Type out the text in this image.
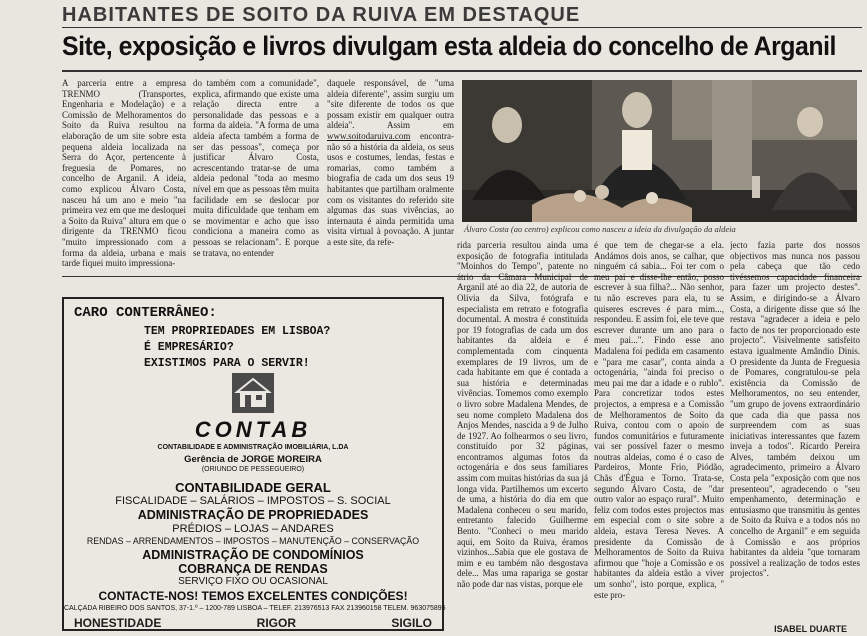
HABITANTES DE SOITO DA RUIVA EM DESTAQUE
Site, exposição e livros divulgam esta aldeia do concelho de Arganil

A parceria entre a empresa TRENMO (Transportes, Engenharia e Modelação) e a Comissão de Melhoramentos do Soito da Ruiva resultou na elaboração de um site sobre esta pequena aldeia localizada na Serra do Açor, pertencente à freguesia de Pomares, no concelho de Arganil. A ideia, como explicou Álvaro Costa, nasceu há um ano e meio "na primeira vez em que me desloquei a Soito da Ruiva" altura em que o dirigente da TRENMO ficou "muito impressionado com a forma da aldeia, urbana e mais tarde fiquei muito impressiona-

do também com a comunidade", explica, afirmando que existe uma relação directa entre a personalidade das pessoas e a forma da aldeia. "A forma de uma aldeia afecta também a forma de ser das pessoas", começa por justificar Álvaro Costa, acrescentando tratar-se de uma aldeia pedonal "toda ao mesmo nível em que as pessoas têm muita facilidade em se deslocar por muita dificuldade que tenham em se movimentar e acho que isso condiciona a maneira como as pessoas se relacionam". E porque se tratava, no entender

daquele responsável, de "uma aldeia diferente", assim surgiu um "site diferente de todos os que possam existir em qualquer outra aldeia". Assim em www.soitodaruiva.com encontra-não só a história da aldeia, os seus usos e costumes, lendas, festas e romarias, como também a biografia de cada um dos seus 19 habitantes que partilham oralmente com os visitantes do referido site algumas das suas vivências, ao internauta é ainda permitida uma visita virtual à povoação. A juntar a este site, da refe-

Álvaro Costa (ao centro) explicou como nasceu a ideia da divulgação da aldeia
CARO CONTERRÂNEO:
TEM PROPRIEDADES EM LISBOA?
É EMPRESÁRIO?
EXISTIMOS PARA O SERVIR!
CONTAB
CONTABILIDADE E ADMINISTRAÇÃO IMOBILIÁRIA, L.DA
Gerência de JORGE MOREIRA
(ORIUNDO DE PESSEGUEIRO)
CONTABILIDADE GERAL
FISCALIDADE – SALÁRIOS – IMPOSTOS – S. SOCIAL
ADMINISTRAÇÃO DE PROPRIEDADES
PRÉDIOS – LOJAS – ANDARES
RENDAS – ARRENDAMENTOS – IMPOSTOS – MANUTENÇÃO – CONSERVAÇÃO
ADMINISTRAÇÃO DE CONDOMÍNIOS
COBRANÇA DE RENDAS
SERVIÇO FIXO OU OCASIONAL
CONTACTE-NOS! TEMOS EXCELENTES CONDIÇÕES!
CALÇADA RIBEIRO DOS SANTOS, 37-1.º – 1200-789 LISBOA – TELEF. 213976513 FAX 213960158 TELEM. 963075895
HONESTIDADE	RIGOR	SIGILO

rida parceria resultou ainda uma exposição de fotografia intitulada "Moinhos do Tempo", patente no átrio da Câmara Municipal de Arganil até ao dia 22, de autoria de Olívia da Silva, fotógrafa e especialista em retrato e fotografia documental. A mostra é constituída por 19 fotografias de cada um dos habitantes da aldeia e é complementada com cinquenta exemplares de 19 livros, um de cada habitante em que é contada a sua história e determinadas vivências. Tomemos como exemplo o livro sobre Madalena Mendes, de seu nome completo Madalena dos Anjos Mendes, nascida a 9 de Julho de 1927. Ao folhearmos o seu livro, constituído por 32 páginas, encontramos algumas fotos da octogenária e dos seus familiares assim com muitas histórias da sua já longa vida. Partilhemos um excerto de uma, a história do dia em que Madalena conheceu o seu marido, entretanto falecido Guilherme Bento. "Conheci o meu marido aqui, em Soito da Ruiva, éramos vizinhos...Sabia que ele gostava de mim e eu também não desgostava dele... Mas uma rapariga se gostar não pode dar nas vistas, porque ele

é que tem de chegar-se a ela. Andámos dois anos, se calhar, que ninguém cá sabia... Foi ter com o meu pai e disse-lhe então, posso escrever à sua filha?... Não senhor, tu não escreves para ela, tu se quiseres escreves é para mim..., respondeu. E assim foi, ele teve que escrever durante um ano para o meu pai...". Findo esse ano Madalena foi pedida em casamento e "para me casar", conta ainda a octogenária, "ainda foi preciso o meu pai me dar a idade e o rublo". Para concretizar todos estes projectos, a empresa e a Comissão de Melhoramentos de Soito da Ruiva, contou com o apoio de fundos comunitários e futuramente vai ser possível fazer o mesmo noutras aldeias, como é o caso de Pardeiros, Monte Frio, Piódão, Chãs d'Égua e Torno. Trata-se, segundo Álvaro Costa, de "dar outro valor ao espaço rural". Muito feliz com todos estes projectos mas em especial com o site sobre a aldeia, estava Teresa Neves. A presidente da Comissão de Melhoramentos de Soito da Ruiva afirmou que "hoje a Comissão e os habitantes da aldeia estão a viver um sonho", isto porque, explica, " este pro-

jecto fazia parte dos nossos objectivos mas nunca nos passou pela cabeça que tão cedo tivéssemos capacidade financeira para fazer um projecto destes". Assim, e dirigindo-se a Álvaro Costa, a dirigente disse que só lhe restava "agradecer a ideia e pelo facto de nos ter proporcionado este projecto". Visivelmente satisfeito estava igualmente Amândio Dinis. O presidente da Junta de Freguesia de Pomares, congratulou-se pela existência da Comissão de Melhoramentos, no seu entender, "um grupo de jovens extraordinário que cada dia que passa nos surpreendem com as suas iniciativas interessantes que fazem inveja a todos". Ricardo Pereira Alves, também deixou um agradecimento, primeiro a Álvaro Costa pela "exposição com que nos presenteou", agradecendo o "seu empenhamento, determinação e entusiasmo que transmitiu às gentes de Soito da Ruiva e a todos nós no concelho de Arganil" e em seguida à Comissão e aos próprios habitantes da aldeia "que tornaram possível a realização de todos estes projectos".

ISABEL DUARTE
